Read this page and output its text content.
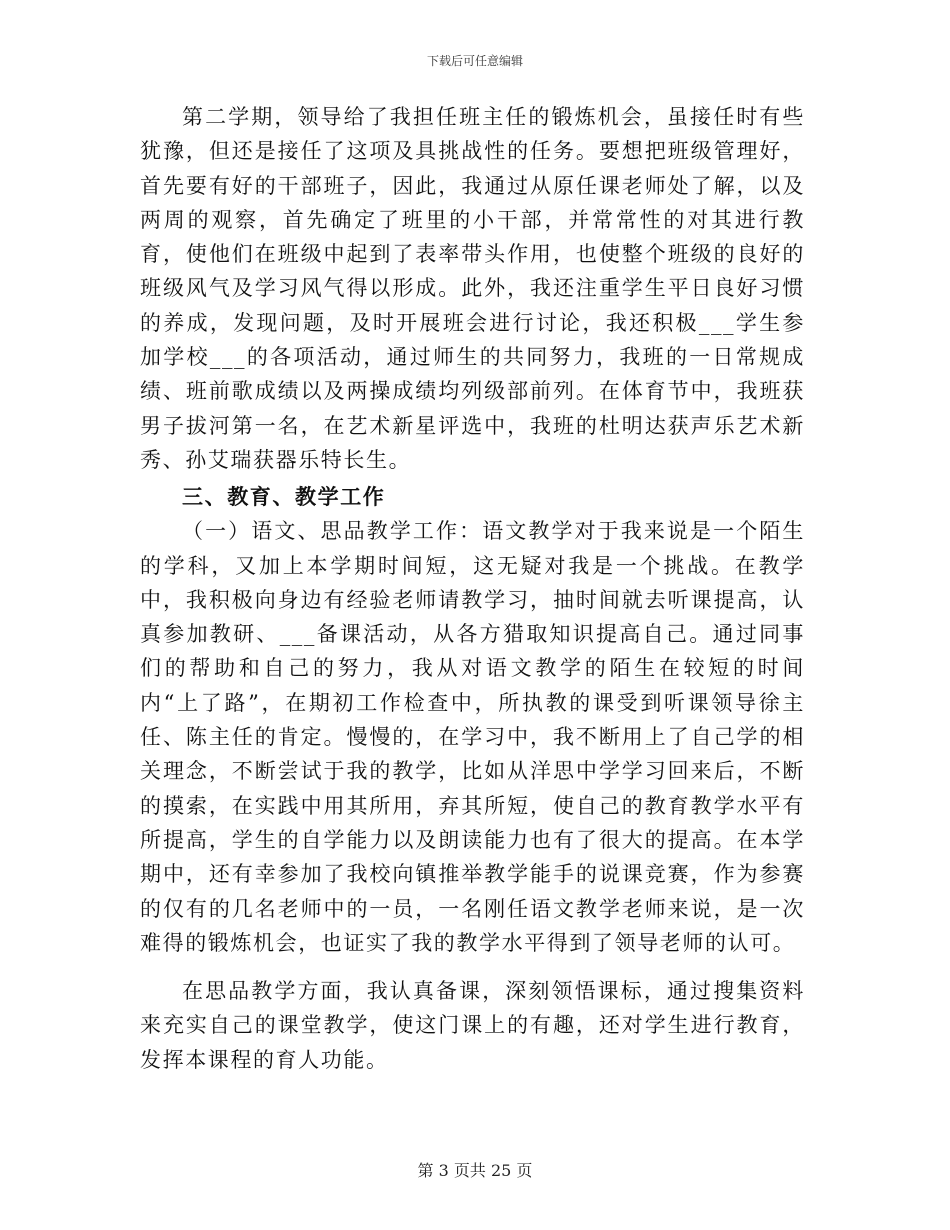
下载后可任意编辑

第二学期，领导给了我担任班主任的锻炼机会，虽接任时有些犹豫，但还是接任了这项及具挑战性的任务。要想把班级管理好，首先要有好的干部班子，因此，我通过从原任课老师处了解，以及两周的观察，首先确定了班里的小干部，并常常性的对其进行教育，使他们在班级中起到了表率带头作用，也使整个班级的良好的班级风气及学习风气得以形成。此外，我还注重学生平日良好习惯的养成，发现问题，及时开展班会进行讨论，我还积极___学生参加学校___的各项活动，通过师生的共同努力，我班的一日常规成绩、班前歌成绩以及两操成绩均列级部前列。在体育节中，我班获男子拔河第一名，在艺术新星评选中，我班的杜明达获声乐艺术新秀、孙艾瑞获器乐特长生。

三、教育、教学工作

（一）语文、思品教学工作：语文教学对于我来说是一个陌生的学科，又加上本学期时间短，这无疑对我是一个挑战。在教学中，我积极向身边有经验老师请教学习，抽时间就去听课提高，认真参加教研、___备课活动，从各方猎取知识提高自己。通过同事们的帮助和自己的努力，我从对语文教学的陌生在较短的时间内“上了路”，在期初工作检查中，所执教的课受到听课领导徐主任、陈主任的肯定。慢慢的，在学习中，我不断用上了自己学的相关理念，不断尝试于我的教学，比如从洋思中学学习回来后，不断的摸索，在实践中用其所用，弃其所短，使自己的教育教学水平有所提高，学生的自学能力以及朗读能力也有了很大的提高。在本学期中，还有幸参加了我校向镇推举教学能手的说课竞赛，作为参赛的仅有的几名老师中的一员，一名刚任语文教学老师来说，是一次难得的锻炼机会，也证实了我的教学水平得到了领导老师的认可。

在思品教学方面，我认真备课，深刻领悟课标，通过搜集资料来充实自己的课堂教学，使这门课上的有趣，还对学生进行教育，发挥本课程的育人功能。

第 3 页共 25 页
